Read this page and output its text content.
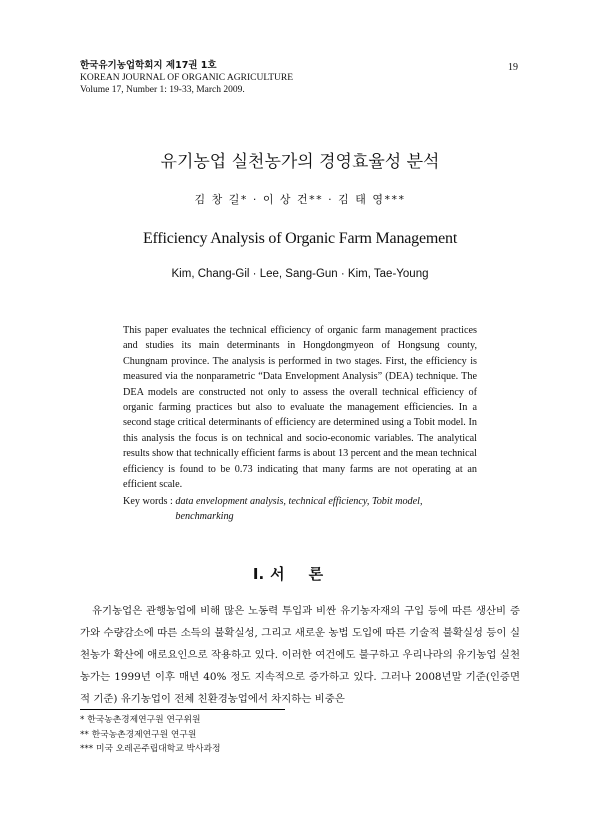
한국유기농업학회지 제17권 1호
KOREAN JOURNAL OF ORGANIC AGRICULTURE
Volume 17, Number 1: 19-33, March 2009.
19
유기농업 실천농가의 경영효율성 분석
김 창 길* · 이 상 건** · 김 태 영***
Efficiency Analysis of Organic Farm Management
Kim, Chang-Gil · Lee, Sang-Gun · Kim, Tae-Young
This paper evaluates the technical efficiency of organic farm management practices and studies its main determinants in Hongdongmyeon of Hongsung county, Chungnam province. The analysis is performed in two stages. First, the efficiency is measured via the nonparametric “Data Envelopment Analysis” (DEA) technique. The DEA models are constructed not only to assess the overall technical efficiency of organic farming practices but also to evaluate the management efficiencies. In a second stage critical determinants of efficiency are determined using a Tobit model. In this analysis the focus is on technical and socio-economic variables. The analytical results show that technically efficient farms is about 13 percent and the mean technical efficiency is found to be 0.73 indicating that many farms are not operating at an efficient scale.
Key words : data envelopment analysis, technical efficiency, Tobit model, benchmarking
I. 서론

유기농업은 관행농업에 비해 많은 노동력 투입과 비싼 유기농자재의 구입 등에 따른 생산비 증가와 수량감소에 따른 소득의 불확실성, 그리고 새로운 농법 도입에 따른 기술적 불확실성 등이 실천농가 확산에 애로요인으로 작용하고 있다. 이러한 여건에도 불구하고 우리나라의 유기농업 실천농가는 1999년 이후 매년 40% 정도 지속적으로 증가하고 있다. 그러나 2008년말 기준(인증면적 기준) 유기농업이 전체 친환경농업에서 차지하는 비중은

* 한국농촌경제연구원 연구위원
** 한국농촌경제연구원 연구원
*** 미국 오레곤주립대학교 박사과정
